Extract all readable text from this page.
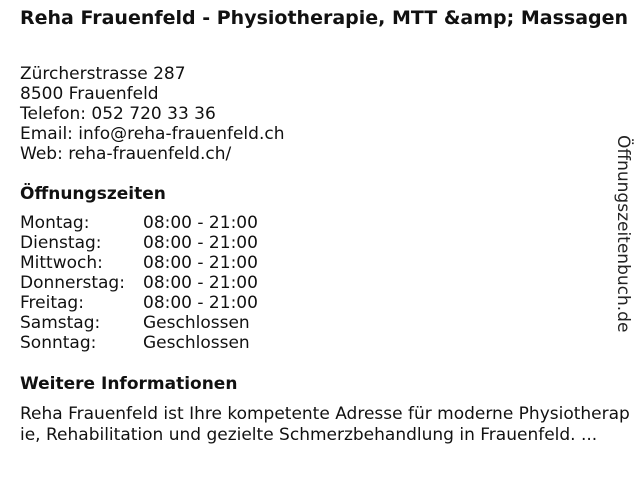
Reha Frauenfeld - Physiotherapie, MTT &amp; Massagen
Zürcherstrasse 287
8500 Frauenfeld
Telefon: 052 720 33 36
Email: info@reha-frauenfeld.ch
Web: reha-frauenfeld.ch/
Öffnungszeiten
Montag:	08:00 - 21:00
Dienstag:	08:00 - 21:00
Mittwoch:	08:00 - 21:00
Donnerstag:	08:00 - 21:00
Freitag:	08:00 - 21:00
Samstag:	Geschlossen
Sonntag:	Geschlossen
Weitere Informationen
Reha Frauenfeld ist Ihre kompetente Adresse für moderne Physiotherapie, Rehabilitation und gezielte Schmerzbehandlung in Frauenfeld. ...
Öffnungszeitenbuch.de
